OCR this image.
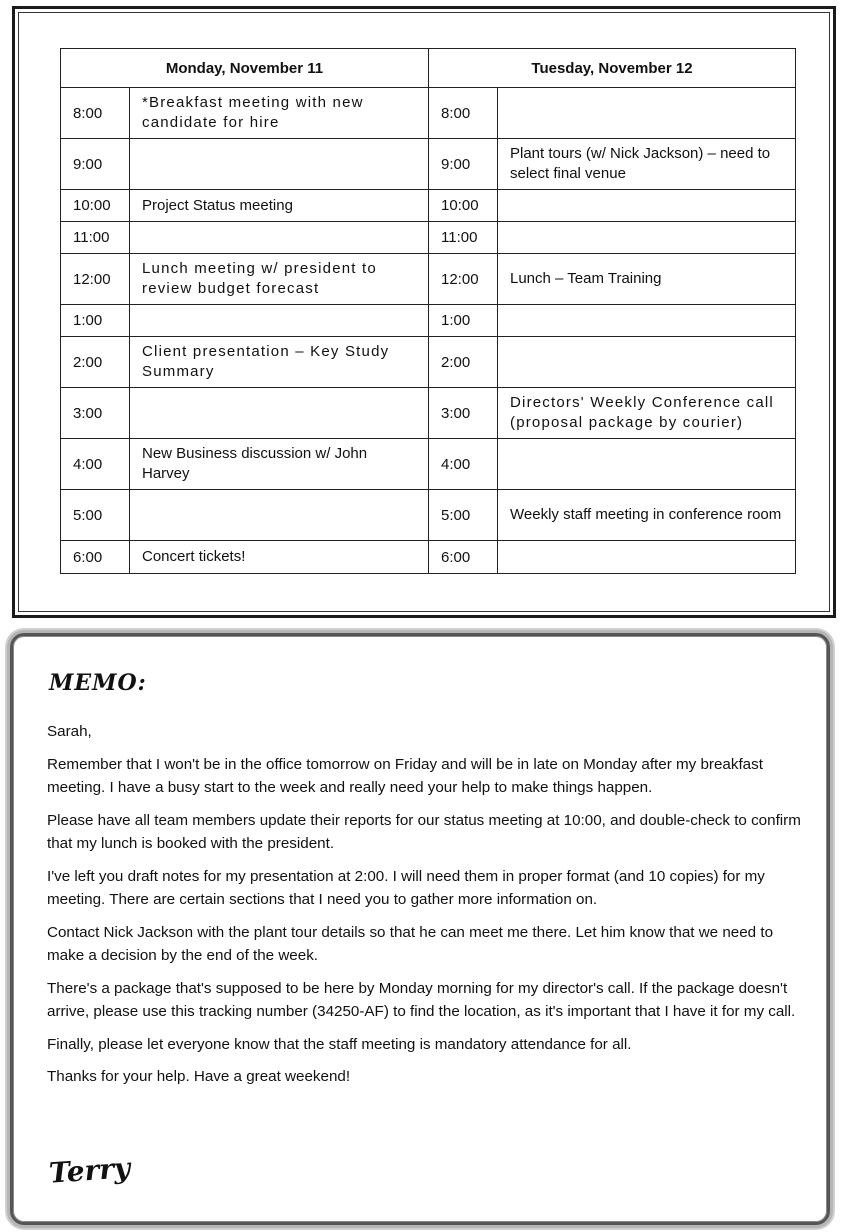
Monday, November 11		Tuesday, November 12	
8:00	*Breakfast meeting with new candidate for hire	8:00	
9:00		9:00	Plant tours (w/ Nick Jackson) – need to select final venue
10:00	Project Status meeting	10:00	
11:00		11:00	
12:00	Lunch meeting w/ president to review budget forecast	12:00	Lunch – Team Training
1:00		1:00	
2:00	Client presentation – Key Study Summary	2:00	
3:00		3:00	Directors' Weekly Conference call (proposal package by courier)
4:00	New Business discussion w/ John Harvey	4:00	
5:00		5:00	Weekly staff meeting in conference room
6:00	Concert tickets!	6:00	
MEMO:

Sarah,

Remember that I won't be in the office tomorrow on Friday and will be in late on Monday after my breakfast meeting. I have a busy start to the week and really need your help to make things happen.

Please have all team members update their reports for our status meeting at 10:00, and double-check to confirm that my lunch is booked with the president.

I've left you draft notes for my presentation at 2:00. I will need them in proper format (and 10 copies) for my meeting. There are certain sections that I need you to gather more information on.

Contact Nick Jackson with the plant tour details so that he can meet me there. Let him know that we need to make a decision by the end of the week.

There's a package that's supposed to be here by Monday morning for my director's call. If the package doesn't arrive, please use this tracking number (34250-AF) to find the location, as it's important that I have it for my call.

Finally, please let everyone know that the staff meeting is mandatory attendance for all.

Thanks for your help. Have a great weekend!

Terry
